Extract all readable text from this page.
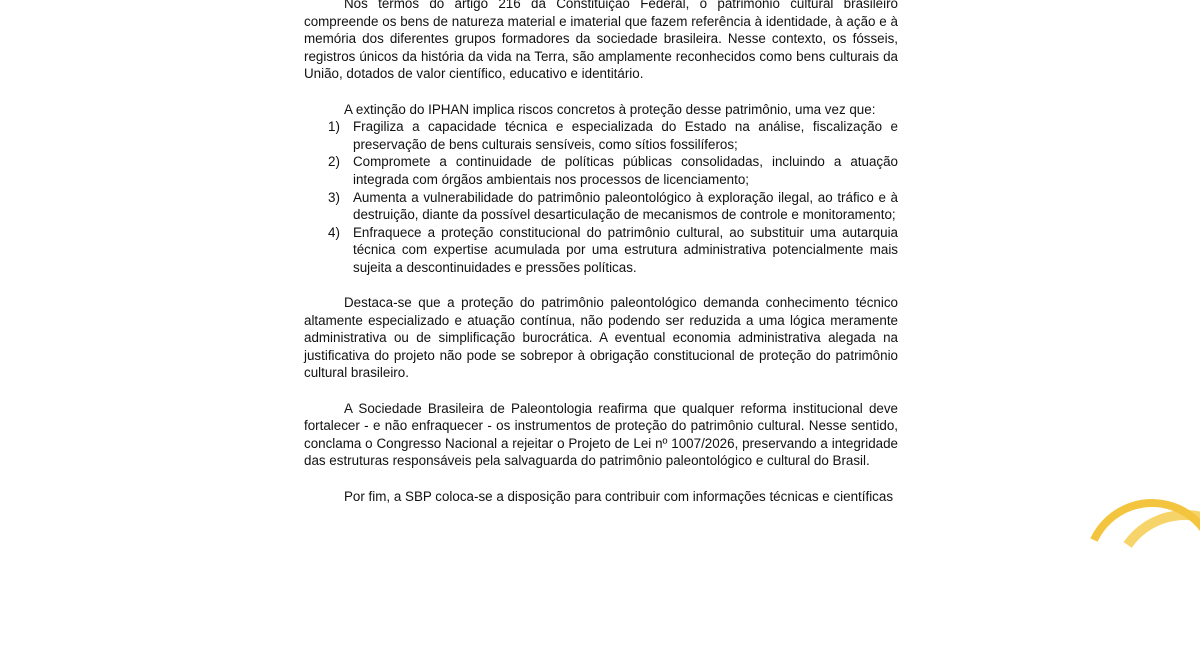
Nos termos do artigo 216 da Constituição Federal, o patrimônio cultural brasileiro compreende os bens de natureza material e imaterial que fazem referência à identidade, à ação e à memória dos diferentes grupos formadores da sociedade brasileira. Nesse contexto, os fósseis, registros únicos da história da vida na Terra, são amplamente reconhecidos como bens culturais da União, dotados de valor científico, educativo e identitário.

A extinção do IPHAN implica riscos concretos à proteção desse patrimônio, uma vez que:

1) Fragiliza a capacidade técnica e especializada do Estado na análise, fiscalização e preservação de bens culturais sensíveis, como sítios fossilíferos;
2) Compromete a continuidade de políticas públicas consolidadas, incluindo a atuação integrada com órgãos ambientais nos processos de licenciamento;
3) Aumenta a vulnerabilidade do patrimônio paleontológico à exploração ilegal, ao tráfico e à destruição, diante da possível desarticulação de mecanismos de controle e monitoramento;
4) Enfraquece a proteção constitucional do patrimônio cultural, ao substituir uma autarquia técnica com expertise acumulada por uma estrutura administrativa potencialmente mais sujeita a descontinuidades e pressões políticas.

Destaca-se que a proteção do patrimônio paleontológico demanda conhecimento técnico altamente especializado e atuação contínua, não podendo ser reduzida a uma lógica meramente administrativa ou de simplificação burocrática. A eventual economia administrativa alegada na justificativa do projeto não pode se sobrepor à obrigação constitucional de proteção do patrimônio cultural brasileiro.

A Sociedade Brasileira de Paleontologia reafirma que qualquer reforma institucional deve fortalecer - e não enfraquecer - os instrumentos de proteção do patrimônio cultural. Nesse sentido, conclama o Congresso Nacional a rejeitar o Projeto de Lei nº 1007/2026, preservando a integridade das estruturas responsáveis pela salvaguarda do patrimônio paleontológico e cultural do Brasil.

Por fim, a SBP coloca-se a disposição para contribuir com informações técnicas e científicas
